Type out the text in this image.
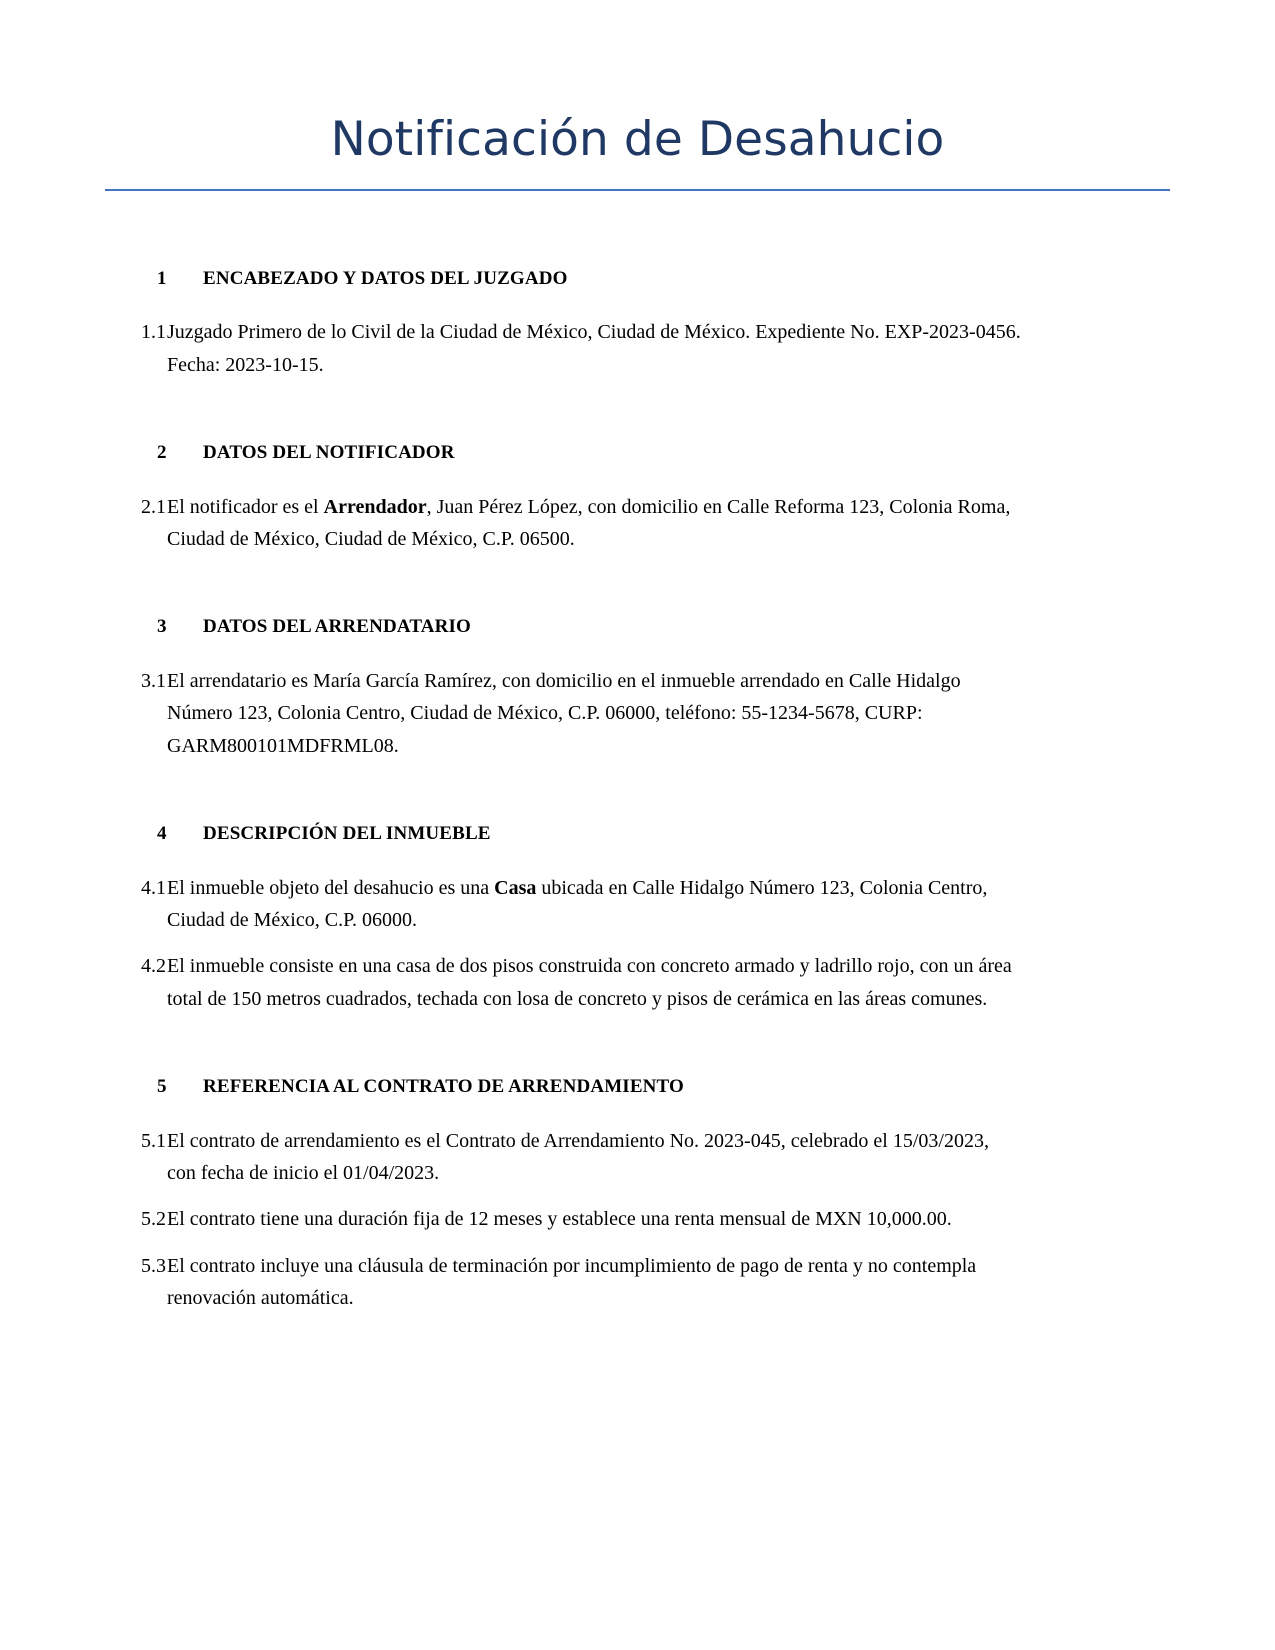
Notificación de Desahucio
1	ENCABEZADO Y DATOS DEL JUZGADO
1.1 Juzgado Primero de lo Civil de la Ciudad de México, Ciudad de México. Expediente No. EXP-2023-0456. Fecha: 2023-10-15.
2	DATOS DEL NOTIFICADOR
2.1 El notificador es el Arrendador, Juan Pérez López, con domicilio en Calle Reforma 123, Colonia Roma, Ciudad de México, Ciudad de México, C.P. 06500.
3	DATOS DEL ARRENDATARIO
3.1 El arrendatario es María García Ramírez, con domicilio en el inmueble arrendado en Calle Hidalgo Número 123, Colonia Centro, Ciudad de México, C.P. 06000, teléfono: 55-1234-5678, CURP: GARM800101MDFRML08.
4	DESCRIPCIÓN DEL INMUEBLE
4.1 El inmueble objeto del desahucio es una Casa ubicada en Calle Hidalgo Número 123, Colonia Centro, Ciudad de México, C.P. 06000.
4.2 El inmueble consiste en una casa de dos pisos construida con concreto armado y ladrillo rojo, con un área total de 150 metros cuadrados, techada con losa de concreto y pisos de cerámica en las áreas comunes.
5	REFERENCIA AL CONTRATO DE ARRENDAMIENTO
5.1 El contrato de arrendamiento es el Contrato de Arrendamiento No. 2023-045, celebrado el 15/03/2023, con fecha de inicio el 01/04/2023.
5.2 El contrato tiene una duración fija de 12 meses y establece una renta mensual de MXN 10,000.00.
5.3 El contrato incluye una cláusula de terminación por incumplimiento de pago de renta y no contempla renovación automática.
